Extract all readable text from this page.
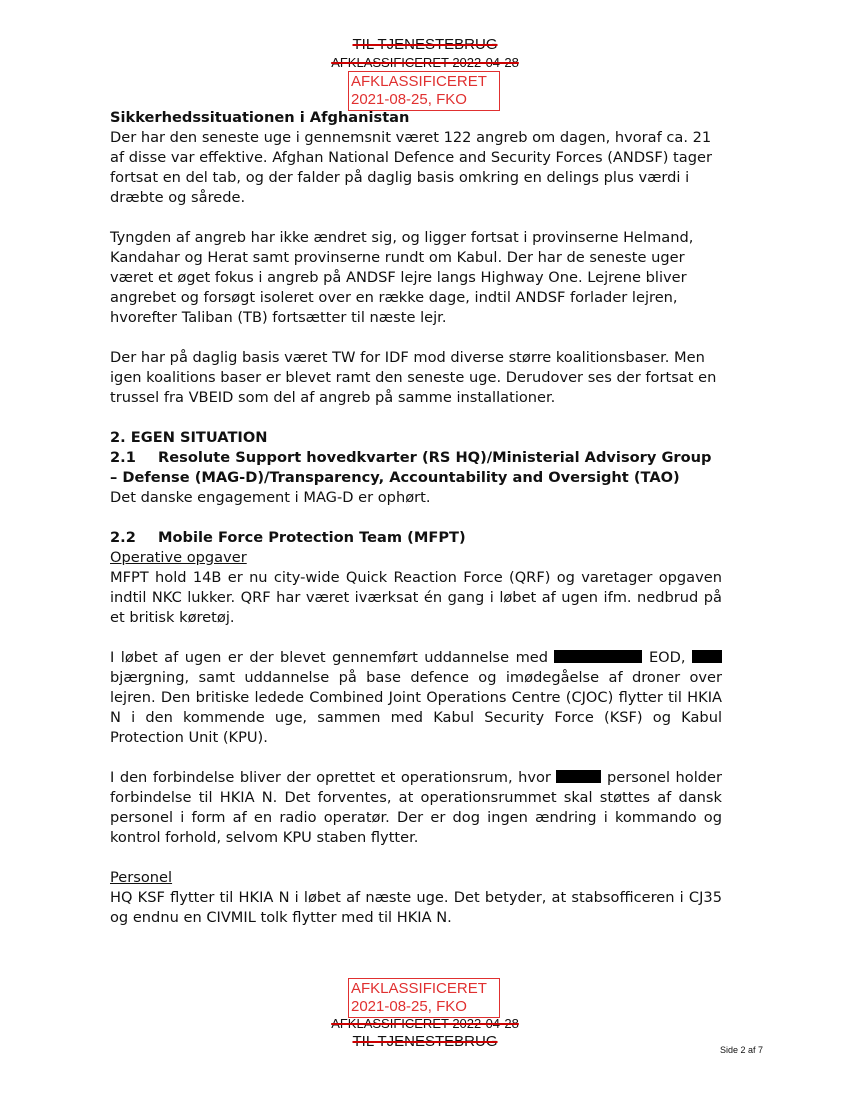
TIL TJENESTEBRUG
AFKLASSIFICERET 2022-04-28
AFKLASSIFICERET
2021-08-25, FKO

Sikkerhedssituationen i Afghanistan

Der har den seneste uge i gennemsnit været 122 angreb om dagen, hvoraf ca. 21 af disse var effektive. Afghan National Defence and Security Forces (ANDSF) tager fortsat en del tab, og der falder på daglig basis omkring en delings plus værdi i dræbte og sårede.

Tyngden af angreb har ikke ændret sig, og ligger fortsat i provinserne Helmand, Kandahar og Herat samt provinserne rundt om Kabul. Der har de seneste uger været et øget fokus i angreb på ANDSF lejre langs Highway One. Lejrene bliver angrebet og forsøgt isoleret over en række dage, indtil ANDSF forlader lejren, hvorefter Taliban (TB) fortsætter til næste lejr.

Der har på daglig basis været TW for IDF mod diverse større koalitionsbaser. Men igen koalitions baser er blevet ramt den seneste uge. Derudover ses der fortsat en trussel fra VBEID som del af angreb på samme installationer.

2. EGEN SITUATION

2.1 Resolute Support hovedkvarter (RS HQ)/Ministerial Advisory Group – Defense (MAG-D)/Transparency, Accountability and Oversight (TAO)

Det danske engagement i MAG-D er ophørt.

2.2 Mobile Force Protection Team (MFPT)

Operative opgaver

MFPT hold 14B er nu city-wide Quick Reaction Force (QRF) og varetager opgaven indtil NKC lukker. QRF har været iværksat én gang i løbet af ugen ifm. nedbrud på et britisk køretøj.

I løbet af ugen er der blevet gennemført uddannelse med	EOD,  bjærgning, samt uddannelse på base defence og imødegåelse af droner over lejren. Den britiske ledede Combined Joint Operations Centre (CJOC) flytter til HKIA N i den kommende uge, sammen med Kabul Security Force (KSF) og Kabul Protection Unit (KPU).

I den forbindelse bliver der oprettet et operationsrum, hvor	personel holder forbindelse til HKIA N. Det forventes, at operationsrummet skal støttes af dansk personel i form af en radio operatør. Der er dog ingen ændring i kommando og kontrol forhold, selvom KPU staben flytter.

Personel

HQ KSF flytter til HKIA N i løbet af næste uge. Det betyder, at stabsofficeren i CJ35 og endnu en CIVMIL tolk flytter med til HKIA N.

AFKLASSIFICERET
2021-08-25, FKO
AFKLASSIFICERET 2022-04-28
TIL TJENESTEBRUG	Side 2 af 7
